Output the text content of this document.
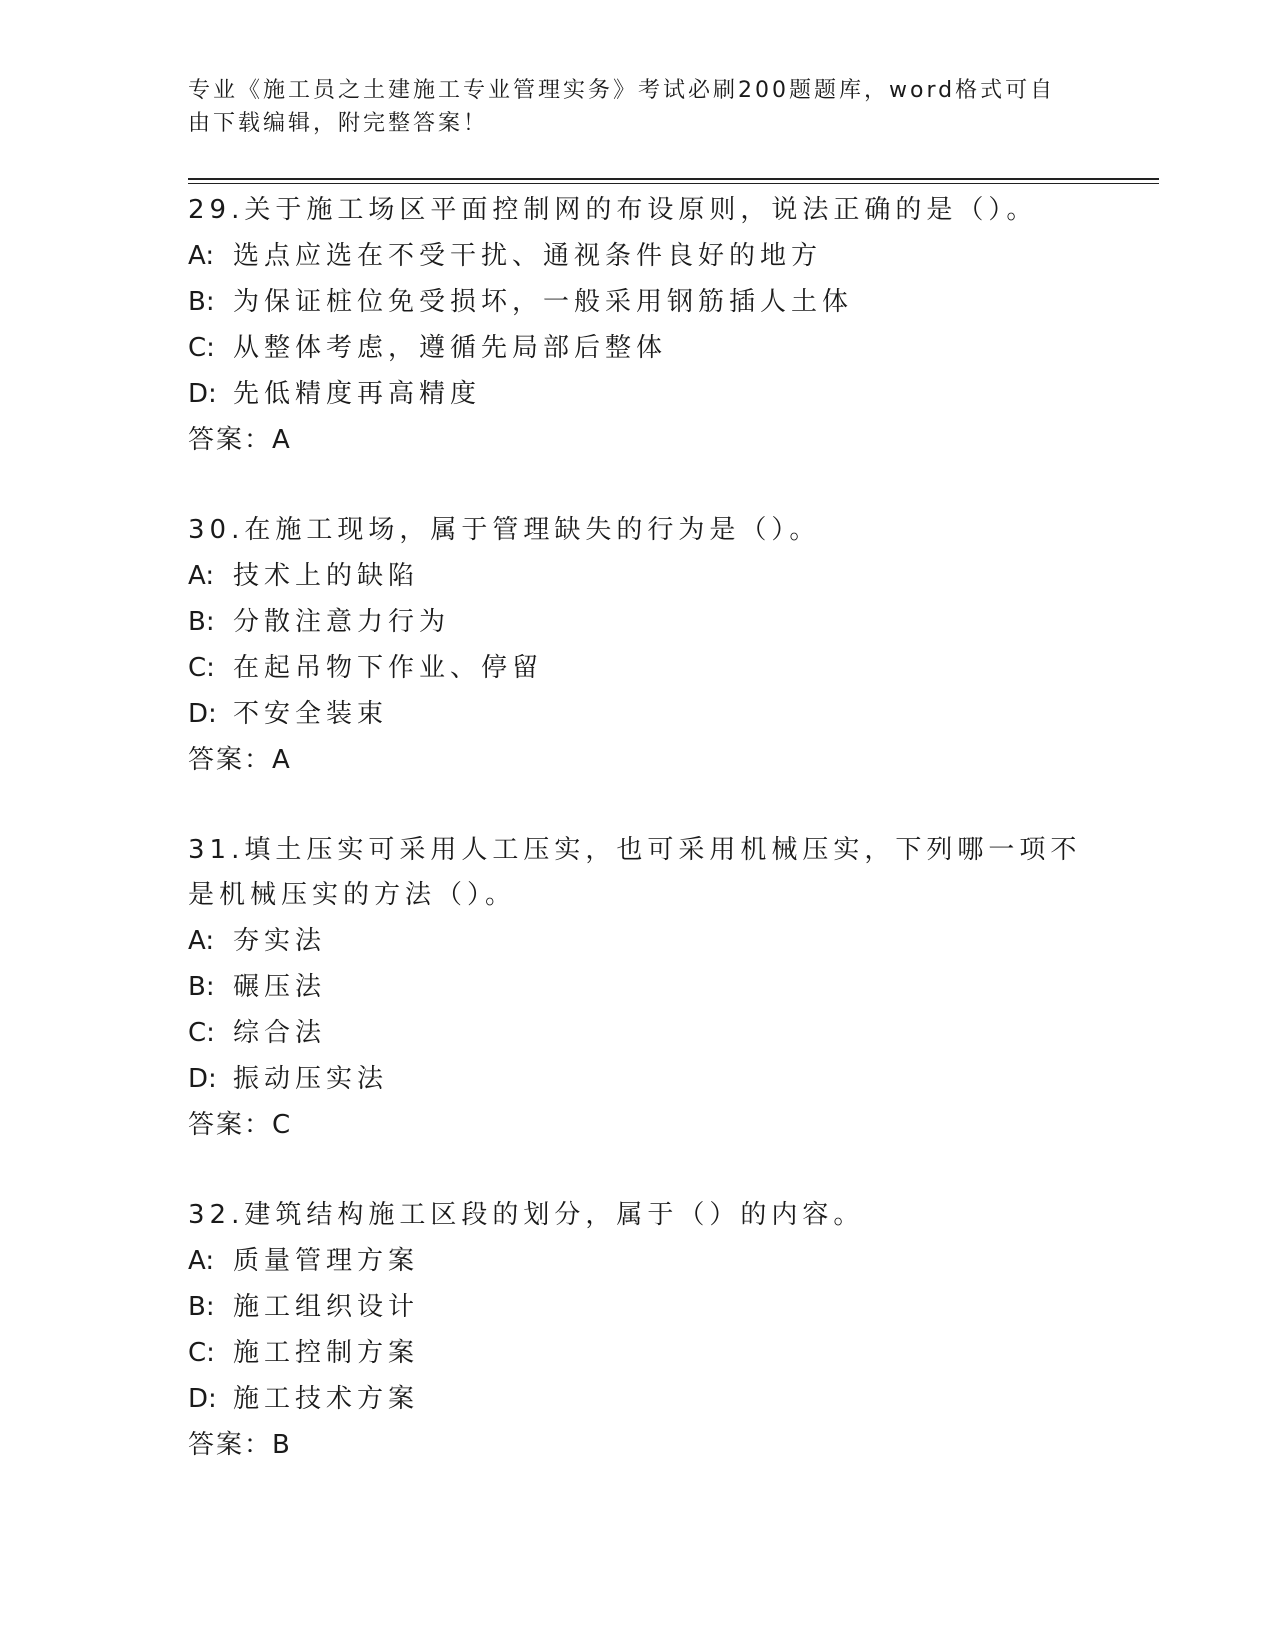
专业《施工员之土建施工专业管理实务》考试必刷200题题库，word格式可自由下载编辑，附完整答案！

29.关于施工场区平面控制网的布设原则，说法正确的是（）。

A: 选点应选在不受干扰、通视条件良好的地方

B: 为保证桩位免受损坏，一般采用钢筋插人土体

C: 从整体考虑，遵循先局部后整体

D: 先低精度再高精度

答案：A

30.在施工现场，属于管理缺失的行为是（）。

A: 技术上的缺陷

B: 分散注意力行为

C: 在起吊物下作业、停留

D: 不安全装束

答案：A

31.填土压实可采用人工压实，也可采用机械压实，下列哪一项不是机械压实的方法（）。

A: 夯实法

B: 碾压法

C: 综合法

D: 振动压实法

答案：C

32.建筑结构施工区段的划分，属于（）的内容。

A: 质量管理方案

B: 施工组织设计

C: 施工控制方案

D: 施工技术方案

答案：B
